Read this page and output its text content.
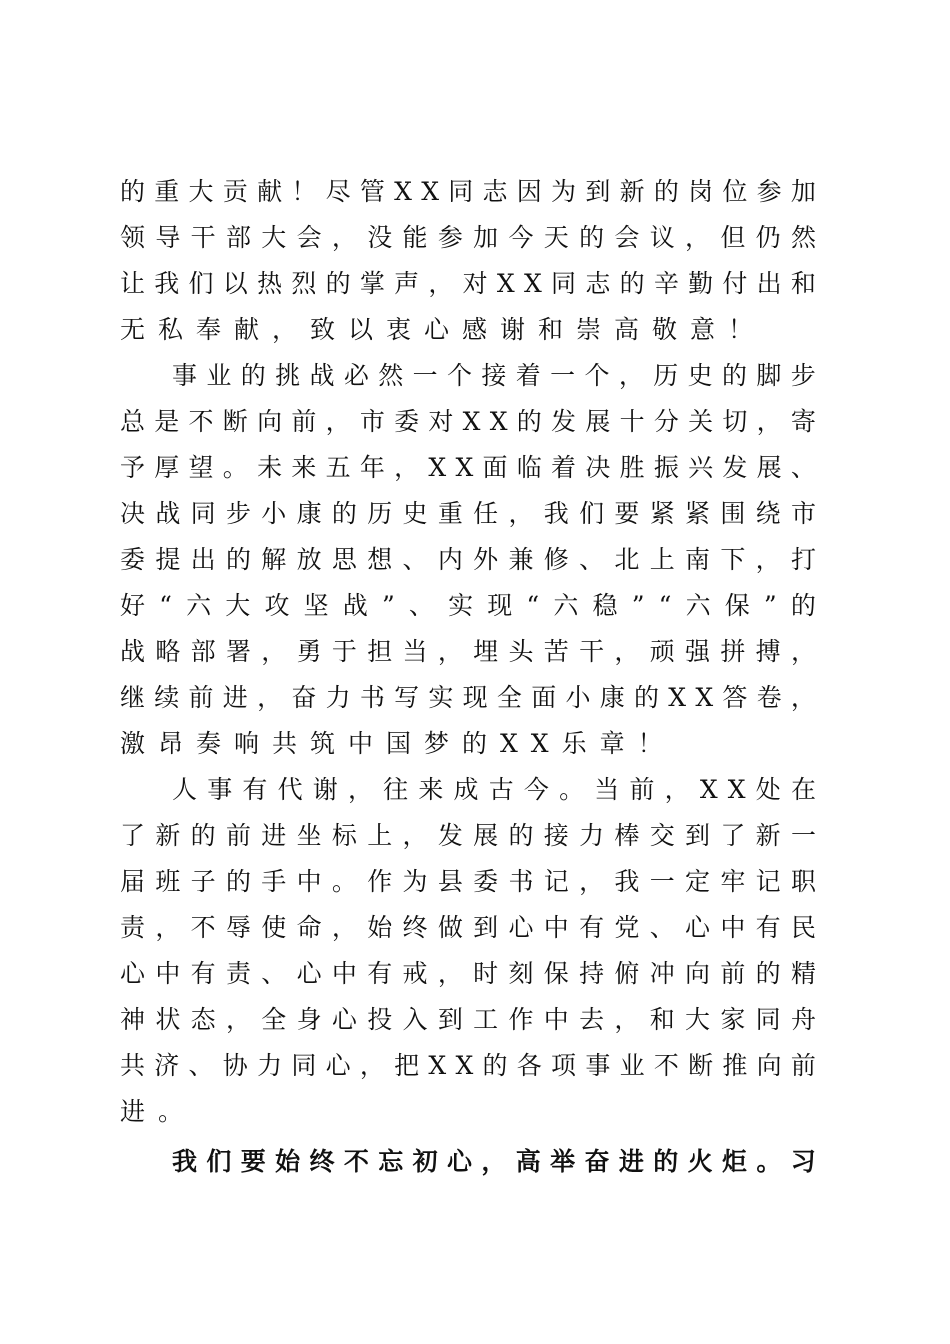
的 重 大 贡 献 ！ 尽 管 X X 同 志 因 为 到 新 的 岗 位 参 加
领 导 干 部 大 会 ， 没 能 参 加 今 天 的 会 议 ， 但 仍 然
让 我 们 以 热 烈 的 掌 声 ， 对 X X 同 志 的 辛 勤 付 出 和
无私奉献，致以衷心感谢和崇高敬意！
事 业 的 挑 战 必 然 一 个 接 着 一 个 ， 历 史 的 脚 步
总 是 不 断 向 前 ， 市 委 对 X X 的 发 展 十 分 关 切 ， 寄
予 厚 望 。 未 来 五 年 ， X X 面 临 着 决 胜 振 兴 发 展 、
决 战 同 步 小 康 的 历 史 重 任 ， 我 们 要 紧 紧 围 绕 市
委 提 出 的 解 放 思 想 、 内 外 兼 修 、 北 上 南 下 ， 打
好 “ 六 大 攻 坚 战 ” 、 实 现 “ 六 稳 ” “ 六 保 ” 的
战 略 部 署 ， 勇 于 担 当 ， 埋 头 苦 干 ， 顽 强 拼 搏 ，
继 续 前 进 ， 奋 力 书 写 实 现 全 面 小 康 的 X X 答 卷 ，
激昂奏响共筑中国梦的XX乐章！
人 事 有 代 谢 ， 往 来 成 古 今 。 当 前 ， X X 处 在
了 新 的 前 进 坐 标 上 ， 发 展 的 接 力 棒 交 到 了 新 一
届 班 子 的 手 中 。 作 为 县 委 书 记 ， 我 一 定 牢 记 职
责 ， 不 辱 使 命 ， 始 终 做 到 心 中 有 党 、 心 中 有 民
心 中 有 责 、 心 中 有 戒 ， 时 刻 保 持 俯 冲 向 前 的 精
神 状 态 ， 全 身 心 投 入 到 工 作 中 去 ， 和 大 家 同 舟
共 济 、 协 力 同 心 ， 把 X X 的 各 项 事 业 不 断 推 向 前
进。
我 们 要 始 终 不 忘 初 心 ， 高 举 奋 进 的 火 炬 。 习
